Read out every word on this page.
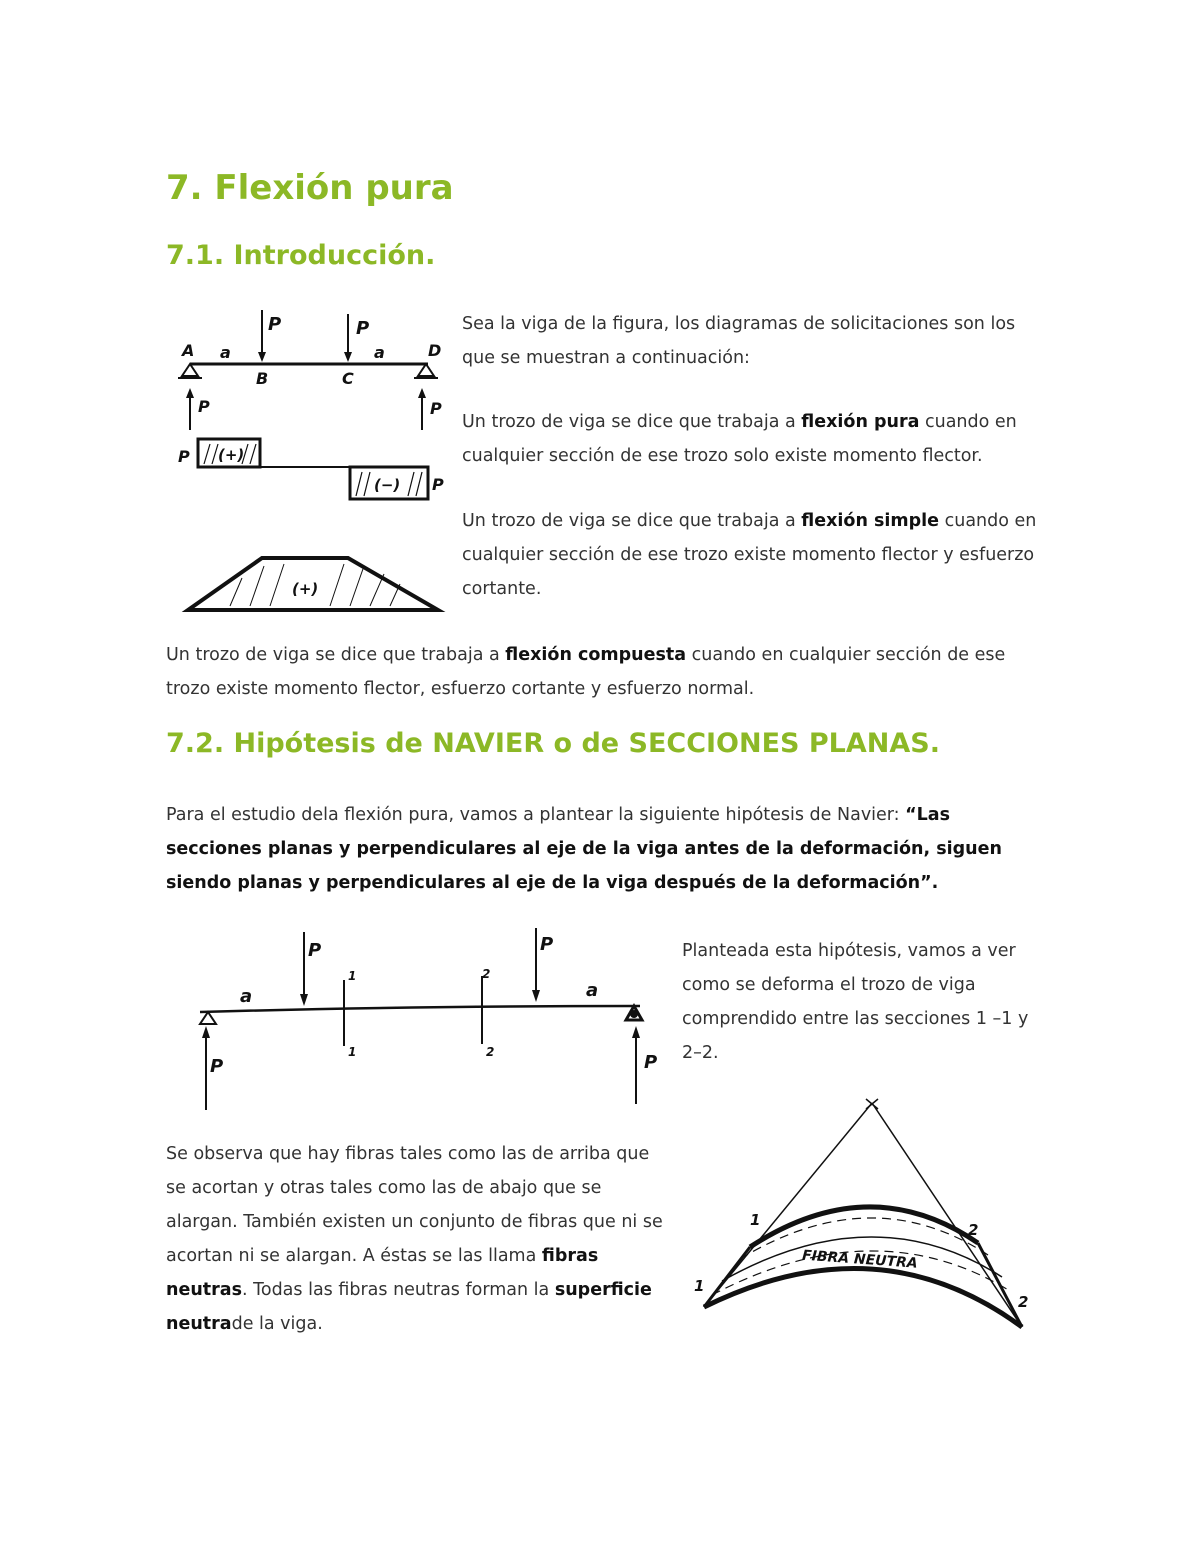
7. Flexión pura
7.1. Introducción.
A a
B
P
C
P
a	D
P	P
(+)
(−)
P
P
(+)

Sea la viga de la figura, los diagramas de solicitaciones son los que se muestran a continuación:

Un trozo de viga se dice que trabaja a flexión pura cuando en cualquier sección de ese trozo solo existe momento flector.

Un trozo de viga se dice que trabaja a flexión simple cuando en cualquier sección de ese trozo existe momento flector y esfuerzo cortante.

Un trozo de viga se dice que trabaja a flexión compuesta cuando en cualquier sección de ese trozo existe momento flector, esfuerzo cortante y esfuerzo normal.

7.2. Hipótesis de NAVIER o de SECCIONES PLANAS.

Para el estudio dela flexión pura, vamos a plantear la siguiente hipótesis de Navier: “Las secciones planas y perpendiculares al eje de la viga antes de la deformación, siguen siendo planas y perpendiculares al eje de la viga después de la deformación”.

P	P
a	a
P	P
1
1
2
2

Planteada esta hipótesis, vamos a ver como se deforma el trozo de viga comprendido entre las secciones 1 –1 y 2–2.

Se observa que hay fibras tales como las de arriba que se acortan y otras tales como las de abajo que se alargan. También existen un conjunto de fibras que ni se acortan ni se alargan. A éstas se las llama fibras neutras. Todas las fibras neutras forman la superficie neutrade la viga.

1
1
2
2
FIBRA NEUTRA
